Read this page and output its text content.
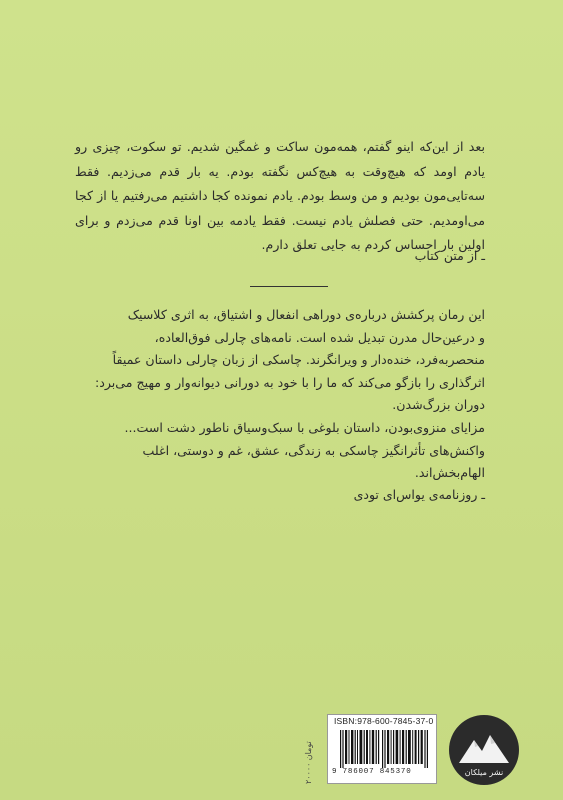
بعد از این‌که اینو گفتم، همه‌مون ساکت و غمگین شدیم. تو سکوت، چیزی رو یادم اومد که هیچ‌وقت به هیچ‌کس نگفته بودم. یه بار قدم می‌زدیم. فقط سه‌تایی‌مون بودیم و من وسط بودم. یادم نمونده کجا داشتیم می‌رفتیم یا از کجا می‌اومدیم. حتی فصلش یادم نیست. فقط یادمه بین اونا قدم می‌زدم و برای اولین بار احساس کردم به جایی تعلق دارم.

ـ از متن کتاب

این رمان پرکشش درباره‌ی دوراهی انفعال و اشتیاق، به اثری کلاسیک

و درعین‌حال مدرن تبدیل شده است. نامه‌های چارلی فوق‌العاده،

منحصربه‌فرد، خنده‌دار و ویرانگرند. چاسکی از زبان چارلی داستان عمیقاً

اثرگذاری را بازگو می‌کند که ما را با خود به دورانی دیوانه‌وار و مهیج می‌برد:

دوران بزرگ‌شدن.

مزایای منزوی‌بودن، داستان بلوغی با سبک‌وسیاق ناطور دشت است...

واکنش‌های تأثرانگیز چاسکی به زندگی، عشق، غم و دوستی، اغلب

الهام‌بخش‌اند.

ـ روزنامه‌ی یواس‌ای تودی
۲۰۰۰۰ تومان
ISBN:978-600-7845-37-0
9 786007 845370	نشر میلکان
